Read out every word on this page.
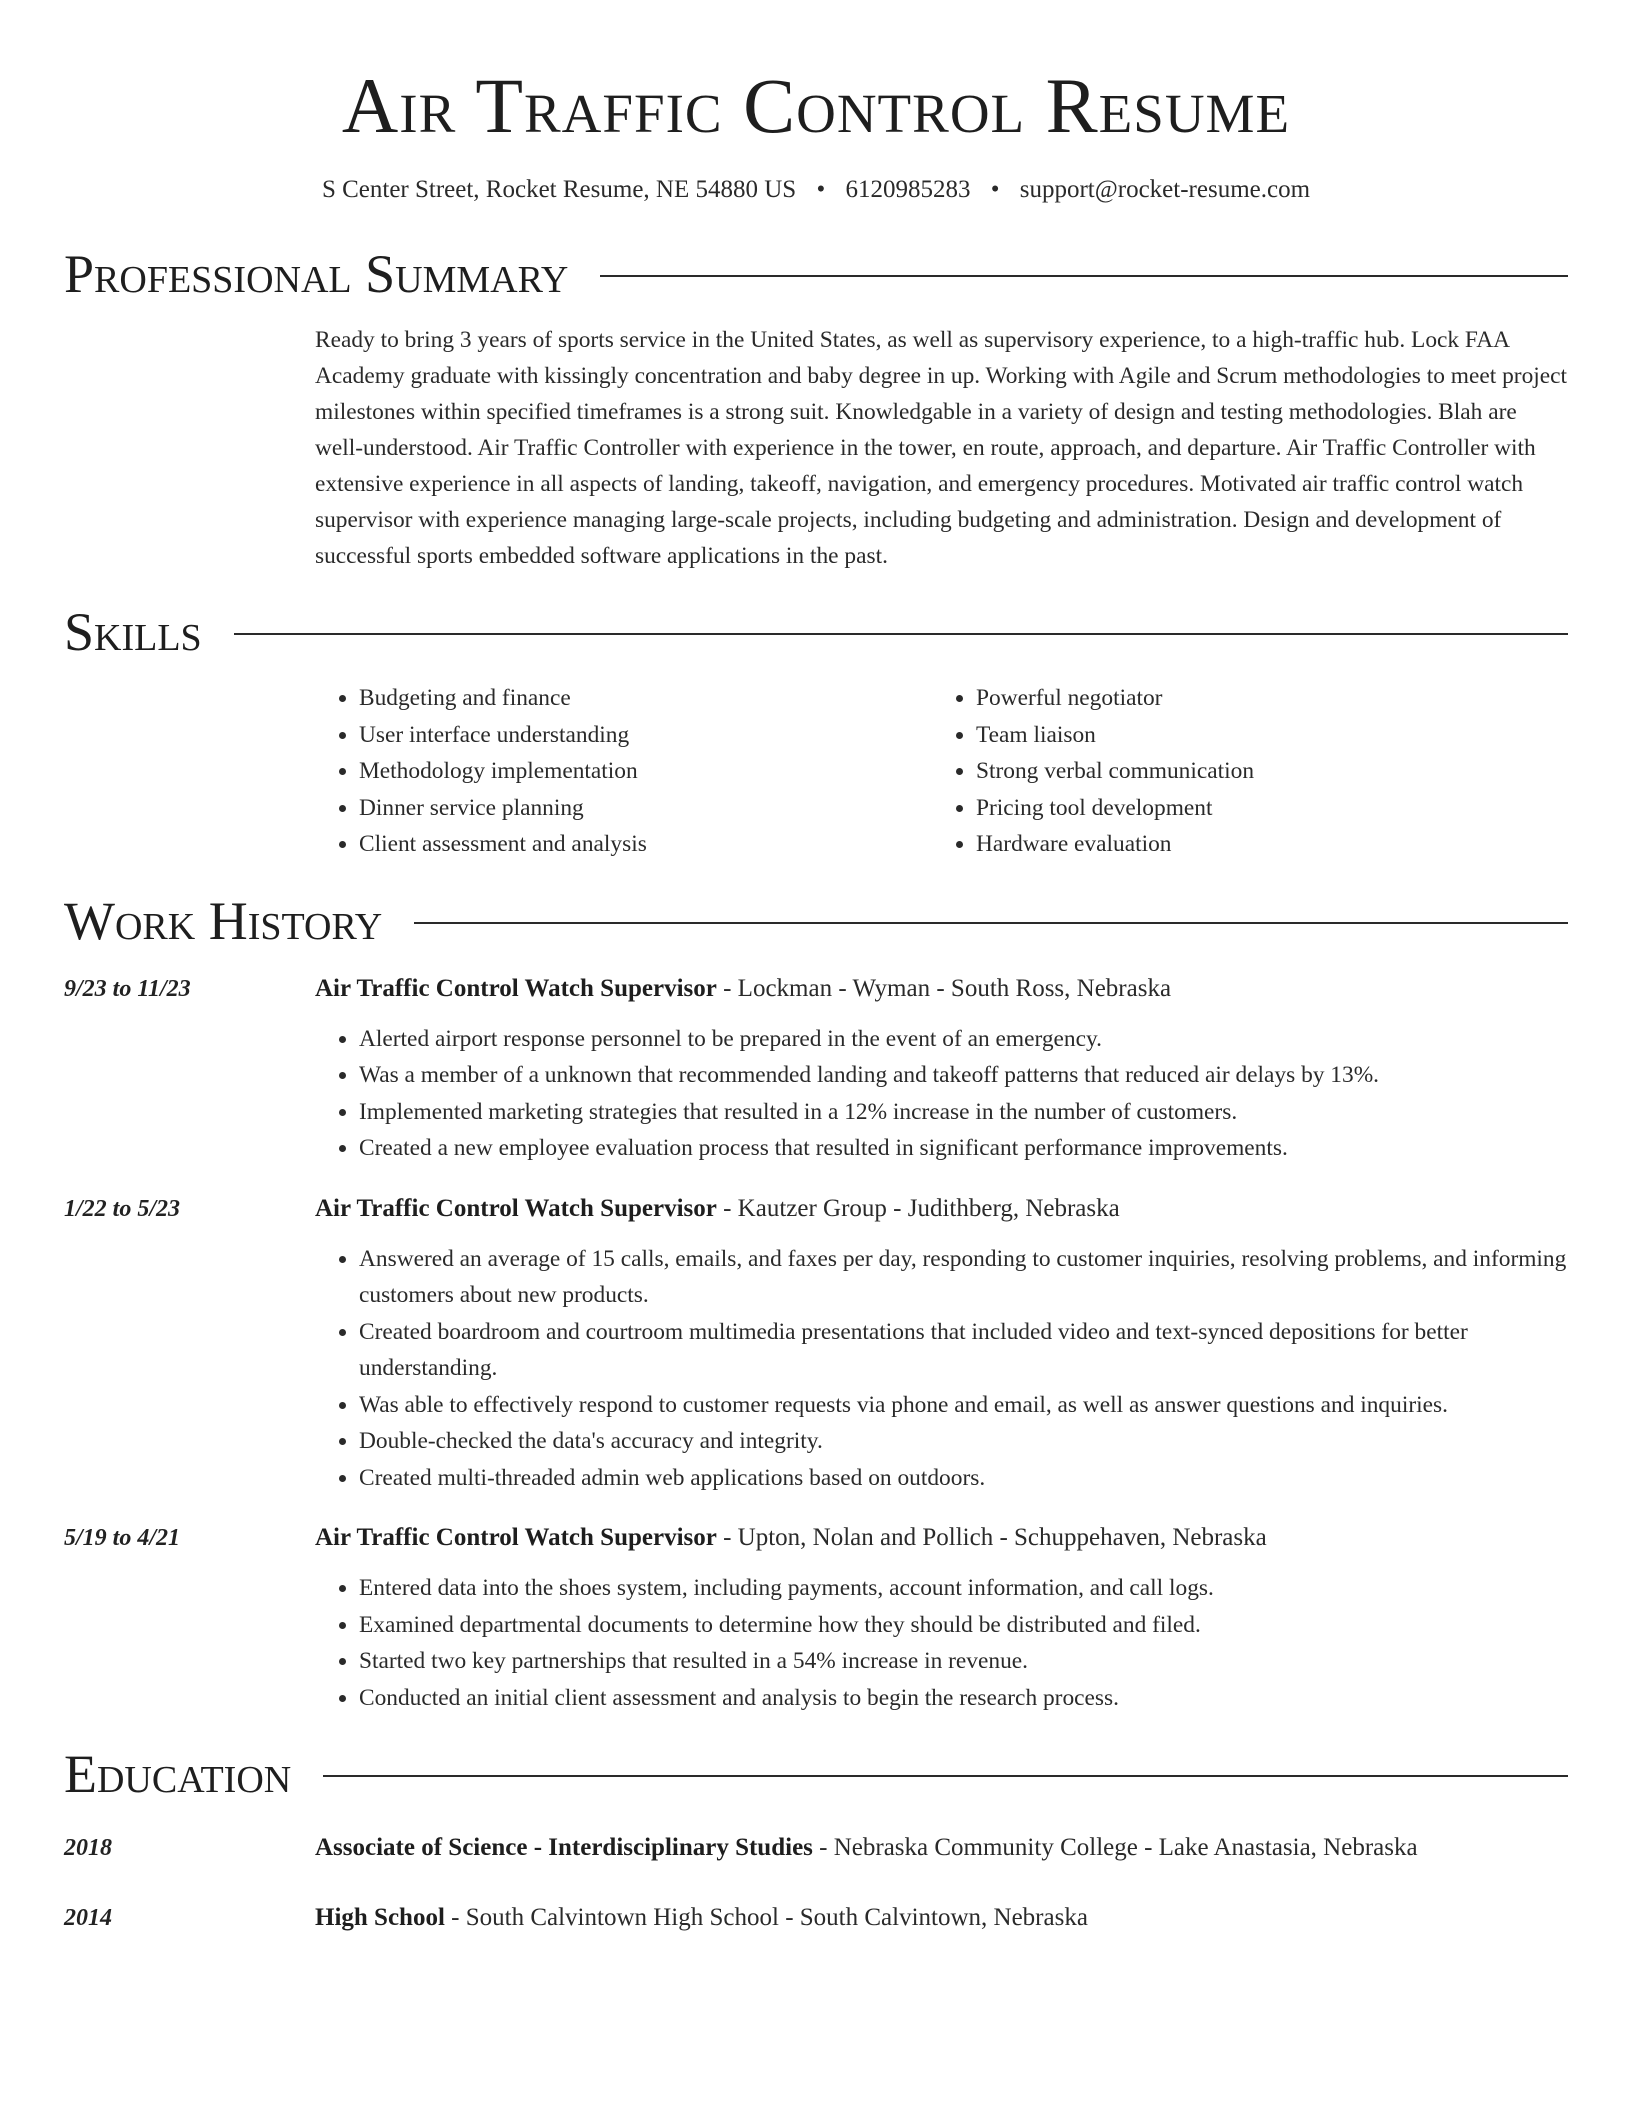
Air Traffic Control Resume
S Center Street, Rocket Resume, NE 54880 US • 6120985283 • support@rocket-resume.com
Professional Summary
Ready to bring 3 years of sports service in the United States, as well as supervisory experience, to a high-traffic hub. Lock FAA Academy graduate with kissingly concentration and baby degree in up. Working with Agile and Scrum methodologies to meet project milestones within specified timeframes is a strong suit. Knowledgable in a variety of design and testing methodologies. Blah are well-understood. Air Traffic Controller with experience in the tower, en route, approach, and departure. Air Traffic Controller with extensive experience in all aspects of landing, takeoff, navigation, and emergency procedures. Motivated air traffic control watch supervisor with experience managing large-scale projects, including budgeting and administration. Design and development of successful sports embedded software applications in the past.
Skills
• Budgeting and finance
• User interface understanding
• Methodology implementation
• Dinner service planning
• Client assessment and analysis
• Powerful negotiator
• Team liaison
• Strong verbal communication
• Pricing tool development
• Hardware evaluation
Work History
9/23 to 11/23	Air Traffic Control Watch Supervisor - Lockman - Wyman - South Ross, Nebraska
• Alerted airport response personnel to be prepared in the event of an emergency.
• Was a member of a unknown that recommended landing and takeoff patterns that reduced air delays by 13%.
• Implemented marketing strategies that resulted in a 12% increase in the number of customers.
• Created a new employee evaluation process that resulted in significant performance improvements.
1/22 to 5/23	Air Traffic Control Watch Supervisor - Kautzer Group - Judithberg, Nebraska
• Answered an average of 15 calls, emails, and faxes per day, responding to customer inquiries, resolving problems, and informing customers about new products.
• Created boardroom and courtroom multimedia presentations that included video and text-synced depositions for better understanding.
• Was able to effectively respond to customer requests via phone and email, as well as answer questions and inquiries.
• Double-checked the data's accuracy and integrity.
• Created multi-threaded admin web applications based on outdoors.
5/19 to 4/21	Air Traffic Control Watch Supervisor - Upton, Nolan and Pollich - Schuppehaven, Nebraska
• Entered data into the shoes system, including payments, account information, and call logs.
• Examined departmental documents to determine how they should be distributed and filed.
• Started two key partnerships that resulted in a 54% increase in revenue.
• Conducted an initial client assessment and analysis to begin the research process.
Education
2018	Associate of Science - Interdisciplinary Studies - Nebraska Community College - Lake Anastasia, Nebraska
2014	High School - South Calvintown High School - South Calvintown, Nebraska
